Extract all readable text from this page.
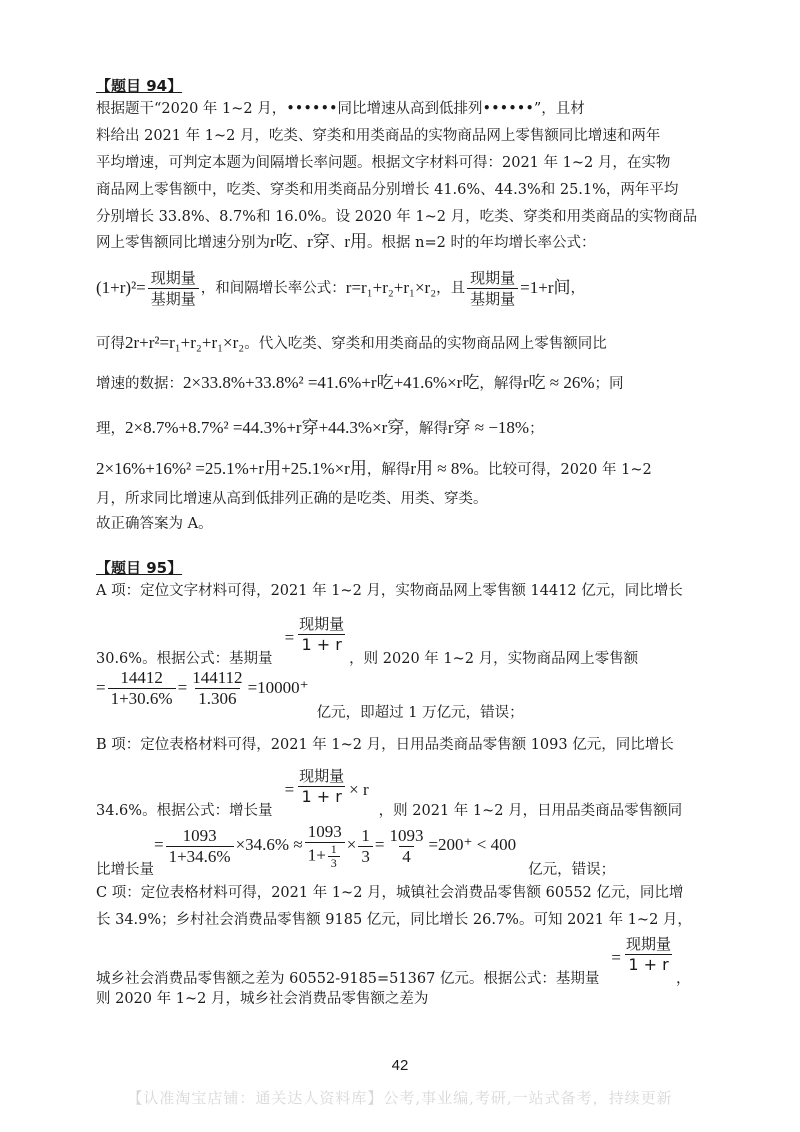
【题目 94】
根据题干“2020 年 1~2 月，••••••同比增速从高到低排列••••••”，且材
料给出 2021 年 1~2 月，吃类、穿类和用类商品的实物商品网上零售额同比增速和两年
平均增速，可判定本题为间隔增长率问题。根据文字材料可得：2021 年 1~2 月，在实物
商品网上零售额中，吃类、穿类和用类商品分别增长 41.6%、44.3%和 25.1%，两年平均
分别增长 33.8%、8.7%和 16.0%。设 2020 年 1~2 月，吃类、穿类和用类商品的实物商品
网上零售额同比增速分别为r吃、r穿、r用。根据 n=2 时的年均增长率公式：
$(1+r)^2= \frac{\text{现期量}}{\text{基期量}}$ ，和间隔增长率公式：r=r₁+r₂+r₁×r₂，且 $\frac{\text{现期量}}{\text{基期量}} =1+r$间，
可得2r+r²=r₁+r₂+r₁×r₂。代入吃类、穿类和用类商品的实物商品网上零售额同比
增速的数据：2×33.8%+33.8%² =41.6%+r吃+41.6%×r吃，解得r吃 ≈ 26%；同
理，2×8.7%+8.7%² =44.3%+r穿+44.3%×r穿，解得r穿 ≈ −18%；
2×16%+16%² =25.1%+r用+25.1%×r用，解得r用 ≈ 8%。比较可得，2020 年 1~2
月，所求同比增速从高到低排列正确的是吃类、用类、穿类。
故正确答案为 A。
【题目 95】
A 项：定位文字材料可得，2021 年 1~2 月，实物商品网上零售额 14412 亿元，同比增长
30.6%。根据公式：基期量= $\frac{\text{现期量}}{1 + r}$
，则 2020 年 1~2 月，实物商品网上零售额
= $\frac{14412}{1+30.6\%} = \frac{144112}{1.306} =10000^+$亿元，即超过 1 万亿元，错误；
B 项：定位表格材料可得，2021 年 1~2 月，日用品类商品零售额 1093 亿元，同比增长
34.6%。根据公式：增长量= $\frac{\text{现期量}}{1 + r} \times r$，则 2021 年 1~2 月，日用品类商品零售额同
比增长量= $\frac{1093}{1+34.6\%} \times 34.6\% \approx \frac{1093}{1+ \frac{1}{3}} \times \frac{1}{3} = \frac{1093}{4} =200^+ < 400$亿元，错误；
C 项：定位表格材料可得，2021 年 1~2 月，城镇社会消费品零售额 60552 亿元，同比增
长 34.9%；乡村社会消费品零售额 9185 亿元，同比增长 26.7%。可知 2021 年 1~2 月，
城乡社会消费品零售额之差为 60552-9185=51367 亿元。根据公式：基期量= $\frac{\text{现期量}}{1 + r}$
，
则 2020 年 1~2 月，城乡社会消费品零售额之差为
42
【认准淘宝店铺：通关达人资料库】公考,事业编,考研,一站式备考，持续更新
